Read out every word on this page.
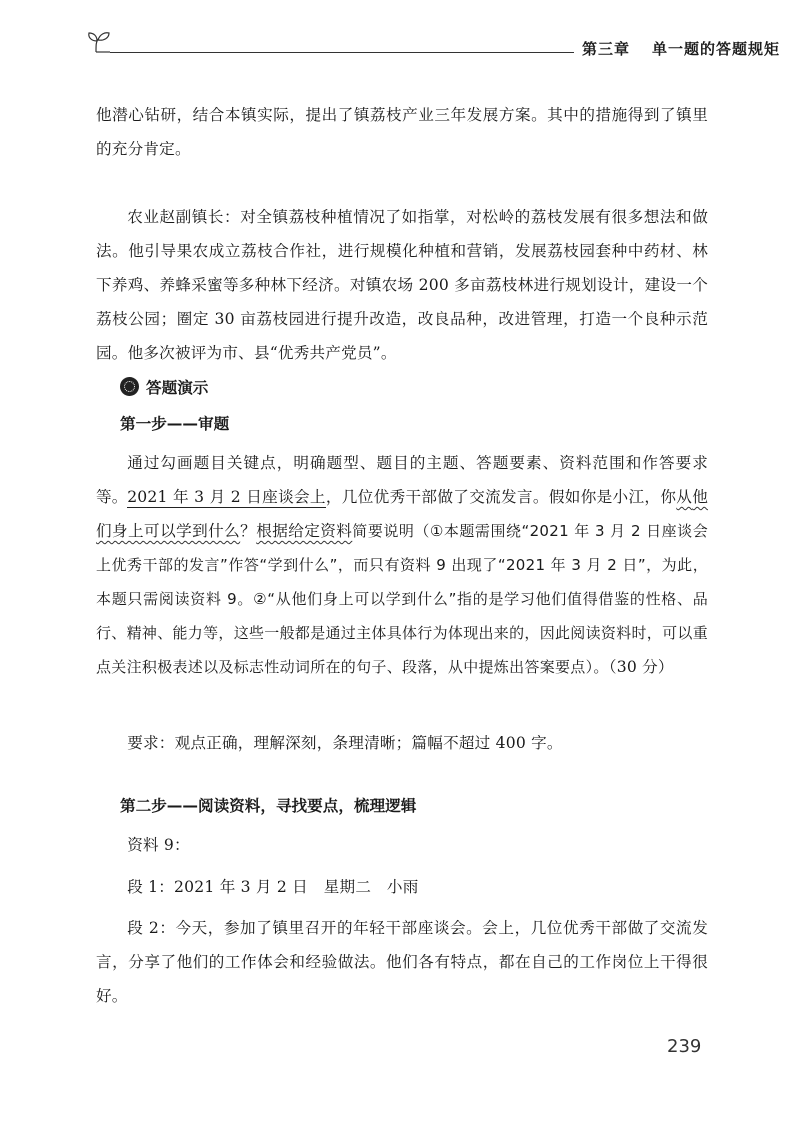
第三章 单一题的答题规矩
他潜心钻研，结合本镇实际，提出了镇荔枝产业三年发展方案。其中的措施得到了镇里的充分肯定。
农业赵副镇长：对全镇荔枝种植情况了如指掌，对松岭的荔枝发展有很多想法和做法。他引导果农成立荔枝合作社，进行规模化种植和营销，发展荔枝园套种中药材、林下养鸡、养蜂采蜜等多种林下经济。对镇农场 200 多亩荔枝林进行规划设计，建设一个荔枝公园；圈定 30 亩荔枝园进行提升改造，改良品种，改进管理，打造一个良种示范园。他多次被评为市、县“优秀共产党员”。
答题演示
第一步——审题
通过勾画题目关键点，明确题型、题目的主题、答题要素、资料范围和作答要求等。 2021 年 3 月 2 日座谈会上，几位优秀干部做了交流发言。假如你是小江，你从他们身上可以学到什么？根据给定资料简要说明（①本题需围绕“2021 年 3 月 2 日座谈会上优秀干部的发言”作答“学到什么”，而只有资料 9 出现了“2021 年 3 月 2 日”，为此，本题只需阅读资料 9。②“从他们身上可以学到什么”指的是学习他们值得借鉴的性格、品行、精神、能力等，这些一般都是通过主体具体行为体现出来的，因此阅读资料时，可以重点关注积极表述以及标志性动词所在的句子、段落，从中提炼出答案要点）。（30 分）
要求：观点正确，理解深刻，条理清晰；篇幅不超过 400 字。
第二步——阅读资料，寻找要点，梳理逻辑
资料 9：
段 1：2021 年 3 月 2 日　星期二　小雨
段 2：今天，参加了镇里召开的年轻干部座谈会。会上，几位优秀干部做了交流发言，分享了他们的工作体会和经验做法。他们各有特点，都在自己的工作岗位上干得很好。
239
